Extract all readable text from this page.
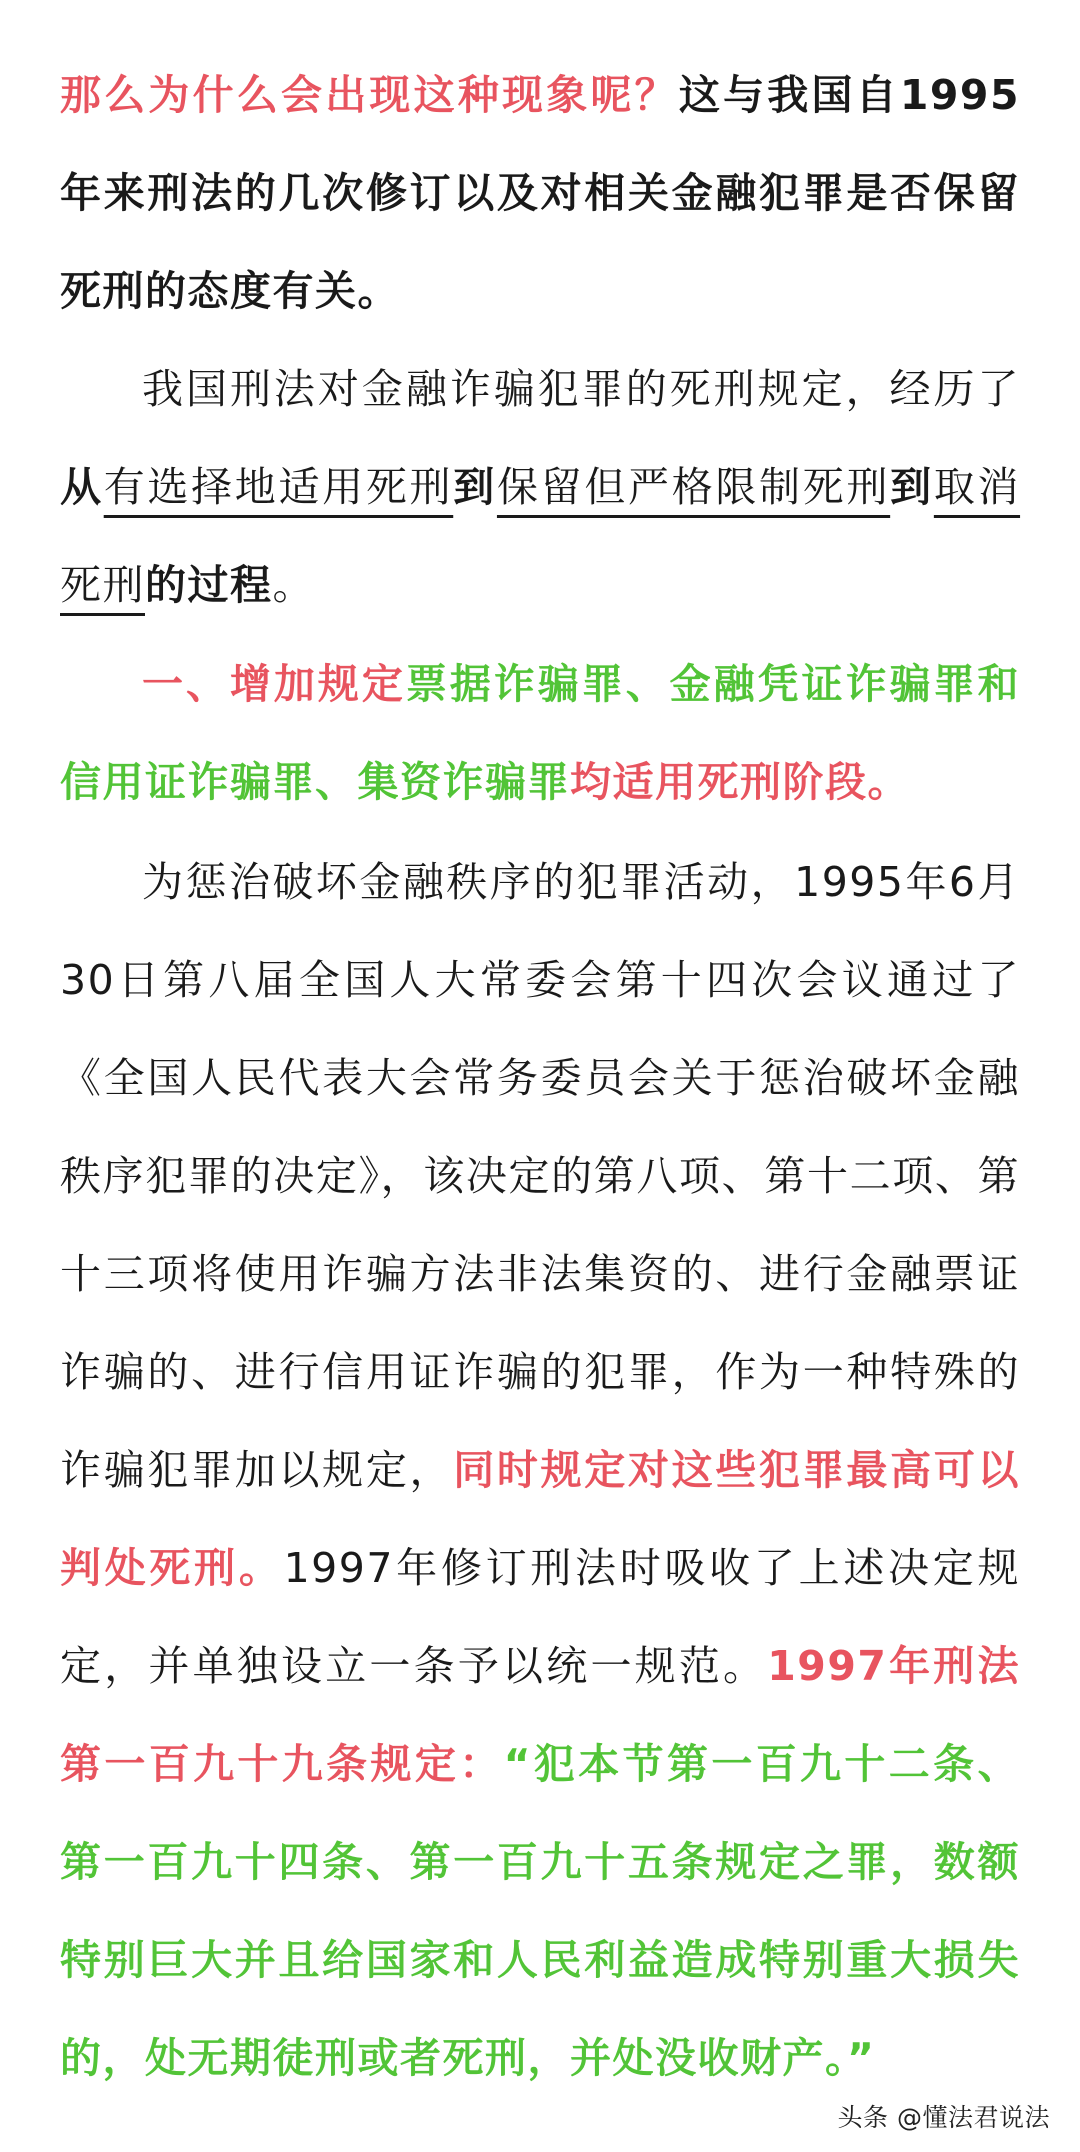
那么为什么会出现这种现象呢？这与我国自1995年来刑法的几次修订以及对相关金融犯罪是否保留死刑的态度有关。

我国刑法对金融诈骗犯罪的死刑规定，经历了从有选择地适用死刑到保留但严格限制死刑到取消死刑的过程。

一、增加规定票据诈骗罪、金融凭证诈骗罪和信用证诈骗罪、集资诈骗罪均适用死刑阶段。

为惩治破坏金融秩序的犯罪活动，1995年6月30日第八届全国人大常委会第十四次会议通过了《全国人民代表大会常务委员会关于惩治破坏金融秩序犯罪的决定》，该决定的第八项、第十二项、第十三项将使用诈骗方法非法集资的、进行金融票证诈骗的、进行信用证诈骗的犯罪，作为一种特殊的诈骗犯罪加以规定，同时规定对这些犯罪最高可以判处死刑。1997年修订刑法时吸收了上述决定规定，并单独设立一条予以统一规范。1997年刑法第一百九十九条规定：“犯本节第一百九十二条、第一百九十四条、第一百九十五条规定之罪，数额特别巨大并且给国家和人民利益造成特别重大损失的，处无期徒刑或者死刑，并处没收财产。”

头条 @懂法君说法
